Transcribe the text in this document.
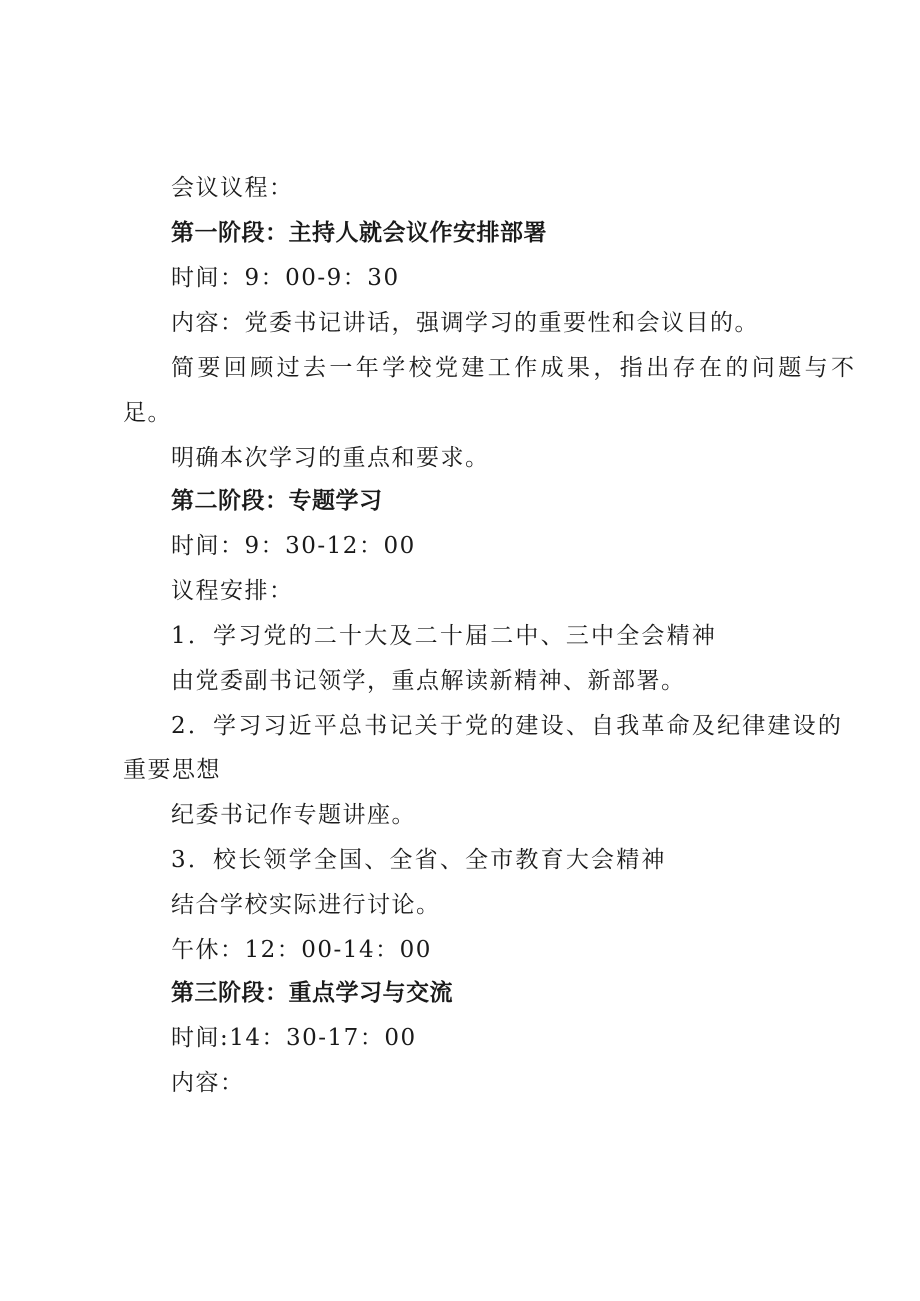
会议议程：
第一阶段：主持人就会议作安排部署
时间：9：00-9：30
内容：党委书记讲话，强调学习的重要性和会议目的。
简要回顾过去一年学校党建工作成果，指出存在的问题与不
足。
明确本次学习的重点和要求。
第二阶段：专题学习
时间：9：30-12：00
议程安排：
1．学习党的二十大及二十届二中、三中全会精神
由党委副书记领学，重点解读新精神、新部署。
2．学习习近平总书记关于党的建设、自我革命及纪律建设的
重要思想
纪委书记作专题讲座。
3．校长领学全国、全省、全市教育大会精神
结合学校实际进行讨论。
午休：12：00-14：00
第三阶段：重点学习与交流
时间:14：30-17：00
内容：
